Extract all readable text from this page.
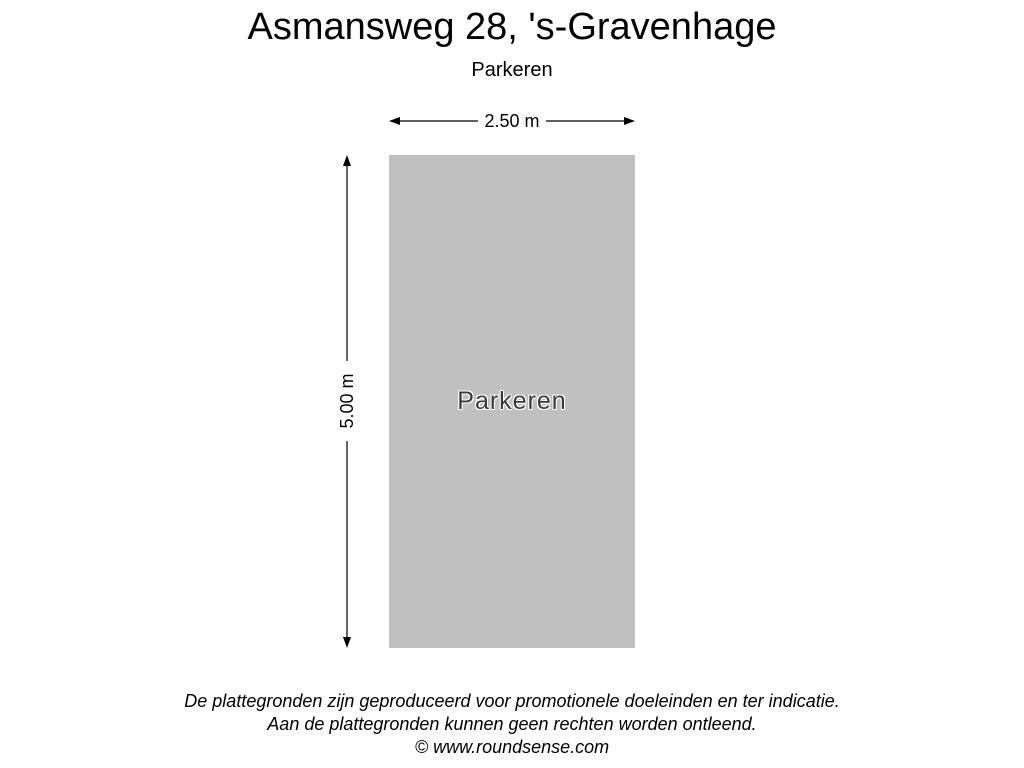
Asmansweg 28, 's-Gravenhage
Parkeren
Parkeren
2.50 m
5.00 m
De plattegronden zijn geproduceerd voor promotionele doeleinden en ter indicatie.
Aan de plattegronden kunnen geen rechten worden ontleend.
© www.roundsense.com
